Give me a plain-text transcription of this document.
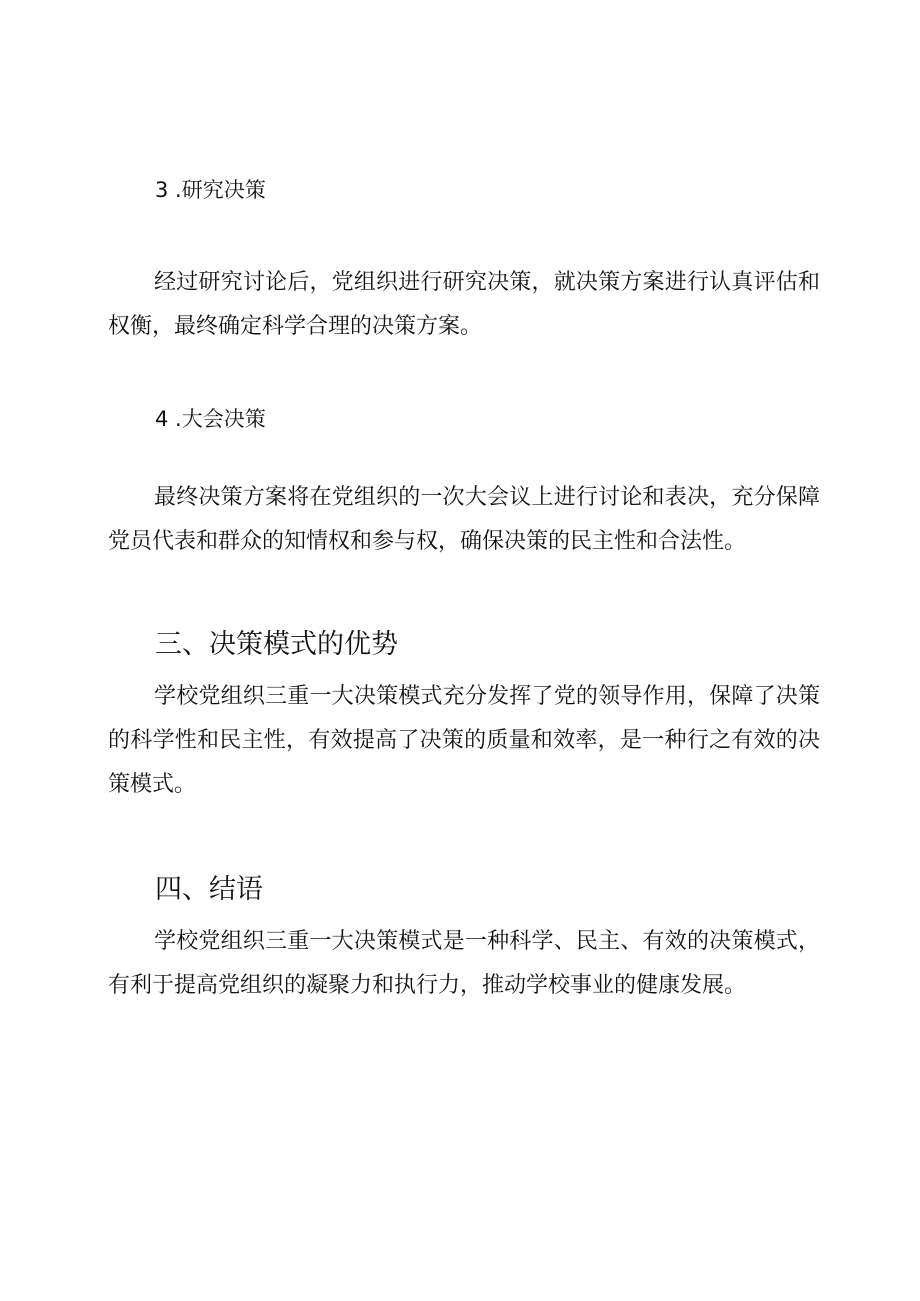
3 .研究决策

经过研究讨论后，党组织进行研究决策，就决策方案进行认真评估和权衡，最终确定科学合理的决策方案。

4 .大会决策

最终决策方案将在党组织的一次大会议上进行讨论和表决，充分保障党员代表和群众的知情权和参与权，确保决策的民主性和合法性。

三、决策模式的优势

学校党组织三重一大决策模式充分发挥了党的领导作用，保障了决策的科学性和民主性，有效提高了决策的质量和效率，是一种行之有效的决策模式。

四、结语

学校党组织三重一大决策模式是一种科学、民主、有效的决策模式，有利于提高党组织的凝聚力和执行力，推动学校事业的健康发展。
